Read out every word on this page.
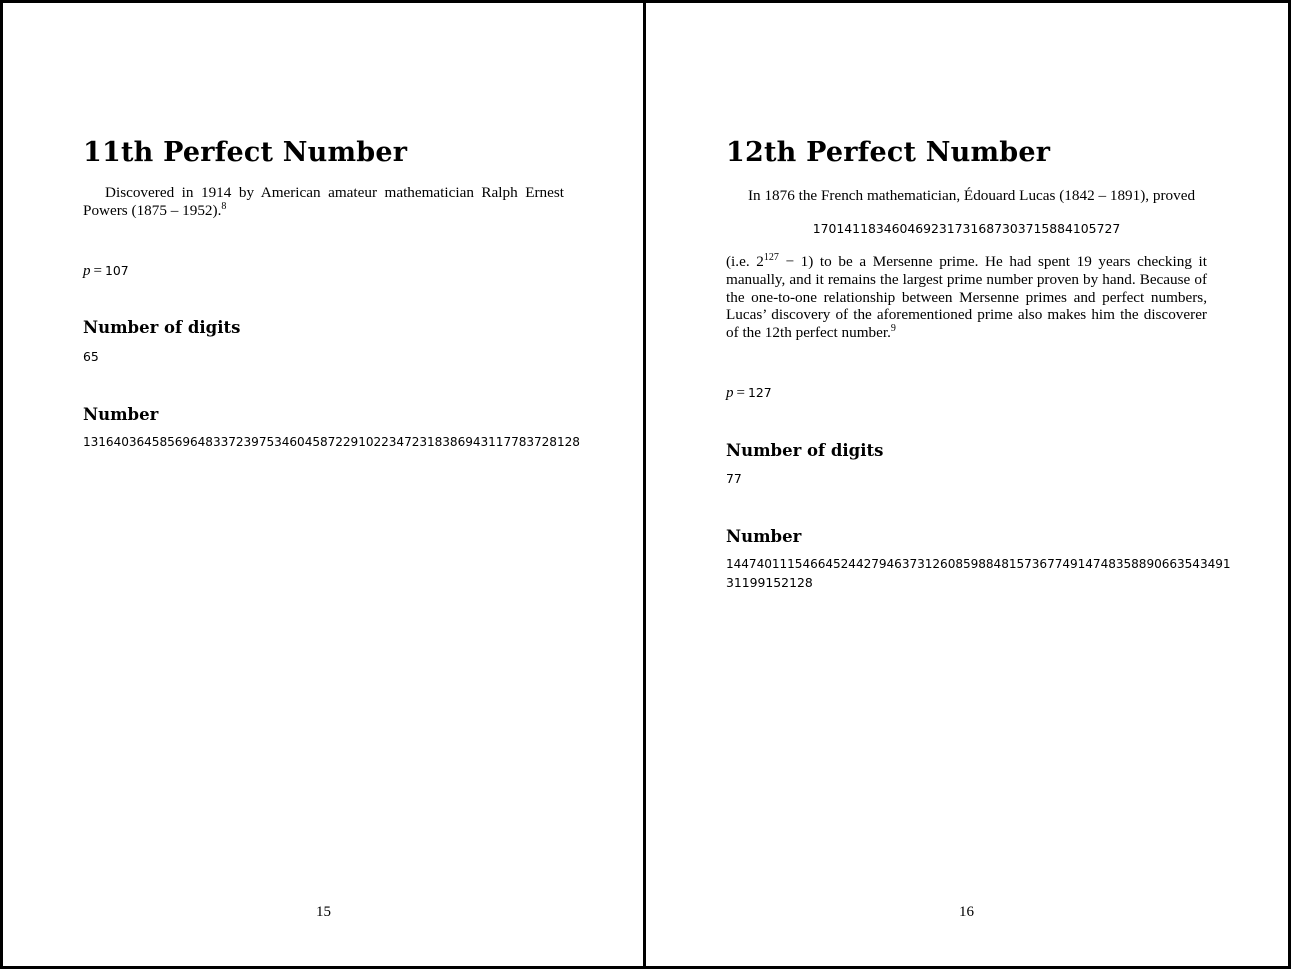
11th Perfect Number

Discovered in 1914 by American amateur mathematician Ralph Ernest Powers (1875 – 1952).$^8$

p = 107

Number of digits

65

Number

13164036458569648337239753460458722910223472318386943117783728128

15
12th Perfect Number

In 1876 the French mathematician, Édouard Lucas (1842 – 1891), proved

170141183460469231731687303715884105727

(i.e. $2^{127} - 1$) to be a Mersenne prime. He had spent 19 years checking it manually, and it remains the largest prime number proven by hand. Because of the one-to-one relationship between Mersenne primes and perfect numbers, Lucas’ discovery of the aforementioned prime also makes him the discoverer of the 12th perfect number.$^9$

p = 127

Number of digits

77

Number

144740111546645244279463731260859884815736774914748358890663543491

31199152128

16
